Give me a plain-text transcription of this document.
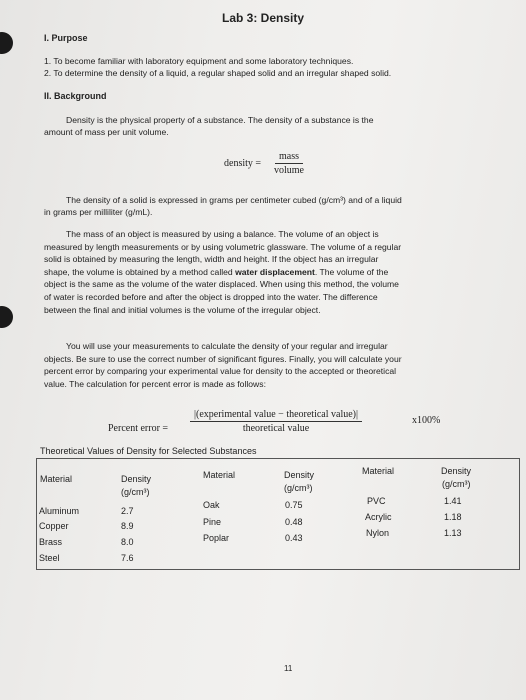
Lab 3: Density
I. Purpose
1. To become familiar with laboratory equipment and some laboratory techniques.
2. To determine the density of a liquid, a regular shaped solid and an irregular shaped solid.
II. Background
Density is the physical property of a substance. The density of a substance is the
amount of mass per unit volume.
density =
mass
volume
The density of a solid is expressed in grams per centimeter cubed (g/cm³) and of a liquid
in grams per milliliter (g/mL).

The mass of an object is measured by using a balance. The volume of an object is

measured by length measurements or by using volumetric glassware. The volume of a regular

solid is obtained by measuring the length, width and height. If the object has an irregular

shape, the volume is obtained by a method called water displacement. The volume of the

object is the same as the volume of the water displaced. When using this method, the volume

of water is recorded before and after the object is dropped into the water. The difference

between the final and initial volumes is the volume of the irregular object.

You will use your measurements to calculate the density of your regular and irregular

objects. Be sure to use the correct number of significant figures. Finally, you will calculate your

percent error by comparing your experimental value for density to the accepted or theoretical

value. The calculation for percent error is made as follows:

Percent error =
|(experimental value − theoretical value)|
theoretical value
x100%
Theoretical Values of Density for Selected Substances
Material	Density
(g/cm³)
Aluminum	2.7
Copper	8.9
Brass	8.0
Steel	7.6
Material	Density
(g/cm³)
Oak	0.75
Pine	0.48
Poplar	0.43
Material	Density
(g/cm³)
PVC	1.41
Acrylic	1.18
Nylon	1.13
11
